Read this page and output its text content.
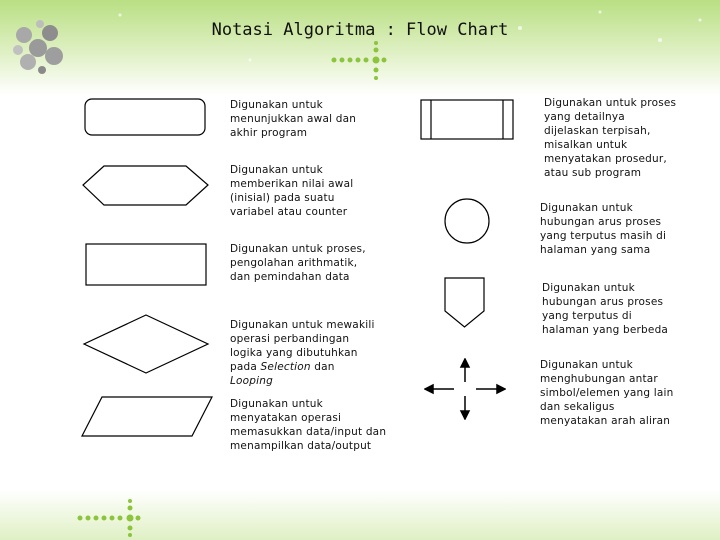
Notasi Algoritma : Flow Chart
Digunakan untuk
menunjukkan awal dan
akhir program
Digunakan untuk
memberikan nilai awal
(inisial) pada suatu
variabel atau counter
Digunakan untuk proses,
pengolahan arithmatik,
dan pemindahan data
Digunakan untuk mewakili
operasi perbandingan
logika yang dibutuhkan
pada Selection dan
Looping
Digunakan untuk
menyatakan operasi
memasukkan data/input dan
menampilkan data/output
Digunakan untuk proses
yang detailnya
dijelaskan terpisah,
misalkan untuk
menyatakan prosedur,
atau sub program
Digunakan untuk
hubungan arus proses
yang terputus masih di
halaman yang sama
Digunakan untuk
hubungan arus proses
yang terputus di
halaman yang berbeda
Digunakan untuk
menghubungan antar
simbol/elemen yang lain
dan sekaligus
menyatakan arah aliran
